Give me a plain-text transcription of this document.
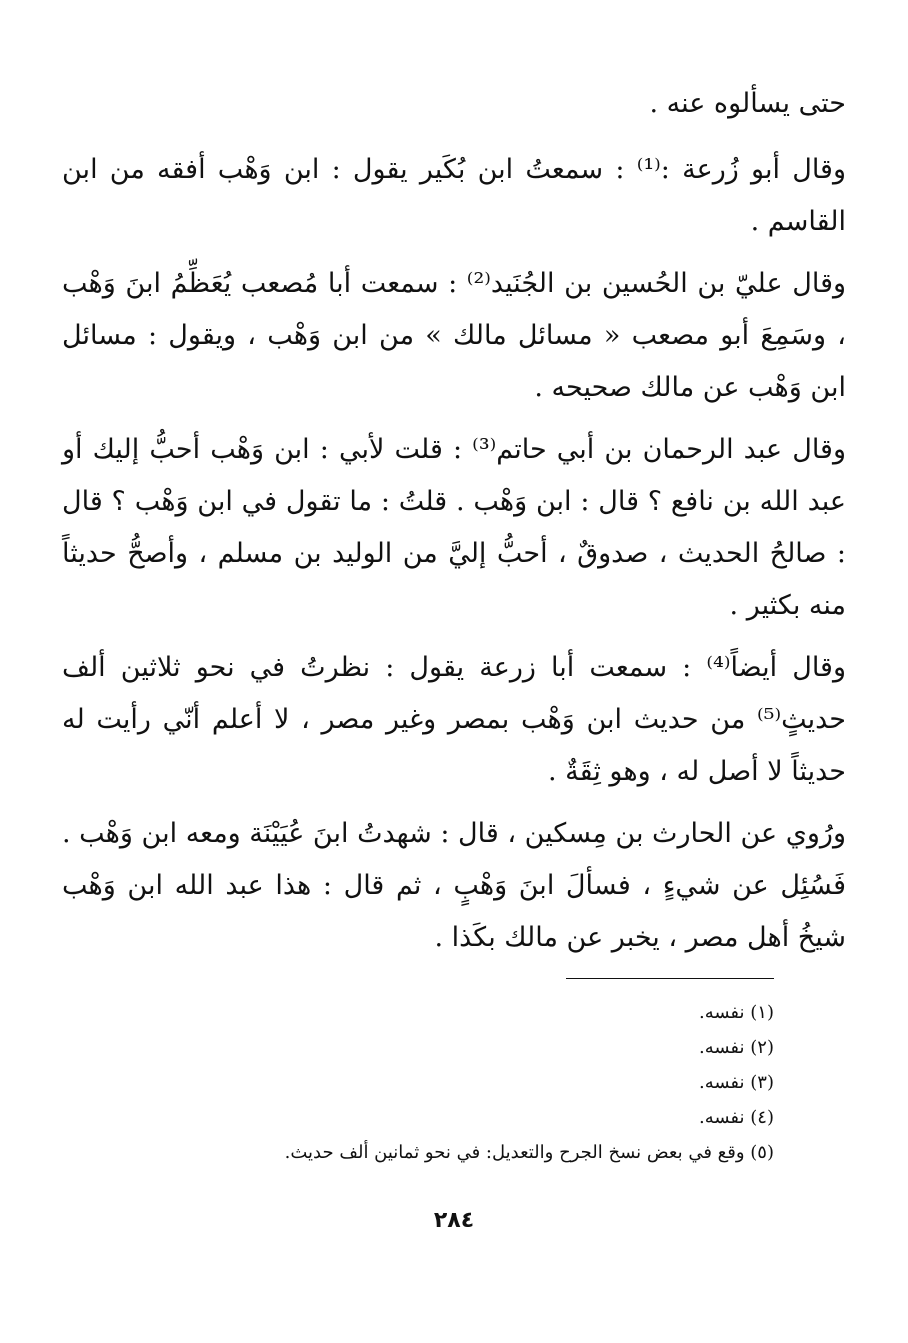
حتى يسألوه عنه .

وقال أبو زُرعة :⁽¹⁾ : سمعتُ ابن بُكَير يقول : ابن وَهْب أفقه من ابن القاسم .

وقال عليّ بن الحُسين بن الجُنَيد⁽²⁾ : سمعت أبا مُصعب يُعَظِّمُ ابنَ وَهْب ، وسَمِعَ أبو مصعب « مسائل مالك » من ابن وَهْب ، ويقول : مسائل ابن وَهْب عن مالك صحيحه .

وقال عبد الرحمان بن أبي حاتم⁽³⁾ : قلت لأبي : ابن وَهْب أحبُّ إليك أو عبد الله بن نافع ؟ قال : ابن وَهْب . قلتُ : ما تقول في ابن وَهْب ؟ قال : صالحُ الحديث ، صدوقٌ ، أحبُّ إليَّ من الوليد بن مسلم ، وأصحُّ حديثاً منه بكثير .

وقال أيضاً⁽⁴⁾ : سمعت أبا زرعة يقول : نظرتُ في نحو ثلاثين ألف حديثٍ⁽⁵⁾ من حديث ابن وَهْب بمصر وغير مصر ، لا أعلم أنّي رأيت له حديثاً لا أصل له ، وهو ثِقَةٌ .

ورُوي عن الحارث بن مِسكين ، قال : شهدتُ ابنَ عُيَيْنَة ومعه ابن وَهْب . فَسُئِل عن شيءٍ ، فسألَ ابنَ وَهْبٍ ، ثم قال : هذا عبد الله ابن وَهْب شيخُ أهل مصر ، يخبر عن مالك بكَذا .

(١) نفسه.

(٢) نفسه.

(٣) نفسه.

(٤) نفسه.

(٥) وقع في بعض نسخ الجرح والتعديل: في نحو ثمانين ألف حديث.

٢٨٤
